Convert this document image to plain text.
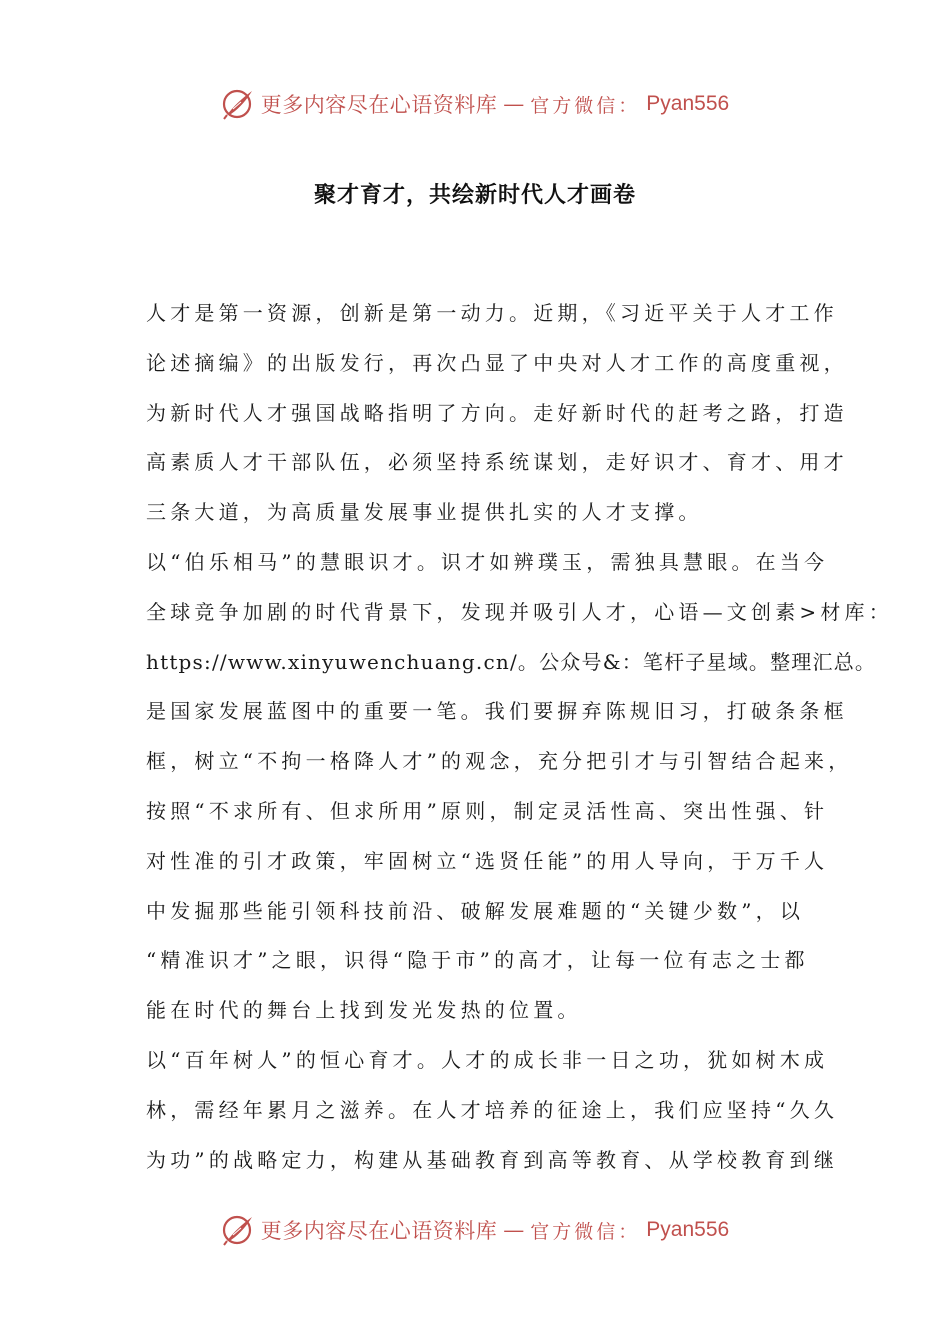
更多内容尽在心语资料库 — 官方微信： Pyan556
聚才育才，共绘新时代人才画卷
人才是第一资源，创新是第一动力。近期，《习近平关于人才工作
论述摘编》的出版发行，再次凸显了中央对人才工作的高度重视，
为新时代人才强国战略指明了方向。走好新时代的赶考之路，打造
高素质人才干部队伍，必须坚持系统谋划，走好识才、育才、用才
三条大道，为高质量发展事业提供扎实的人才支撑。
以“伯乐相马”的慧眼识才。识才如辨璞玉，需独具慧眼。在当今
全球竞争加剧的时代背景下，发现并吸引人才，心语—文创素>材库：
https://www.xinyuwenchuang.cn/。公众号&：笔杆子星域。整理汇总。
是国家发展蓝图中的重要一笔。我们要摒弃陈规旧习，打破条条框
框，树立“不拘一格降人才”的观念，充分把引才与引智结合起来，
按照“不求所有、但求所用”原则，制定灵活性高、突出性强、针
对性准的引才政策，牢固树立“选贤任能”的用人导向，于万千人
中发掘那些能引领科技前沿、破解发展难题的“关键少数”，以
“精准识才”之眼，识得“隐于市”的高才，让每一位有志之士都
能在时代的舞台上找到发光发热的位置。
以“百年树人”的恒心育才。人才的成长非一日之功，犹如树木成
林，需经年累月之滋养。在人才培养的征途上，我们应坚持“久久
为功”的战略定力，构建从基础教育到高等教育、从学校教育到继
更多内容尽在心语资料库 — 官方微信： Pyan556
